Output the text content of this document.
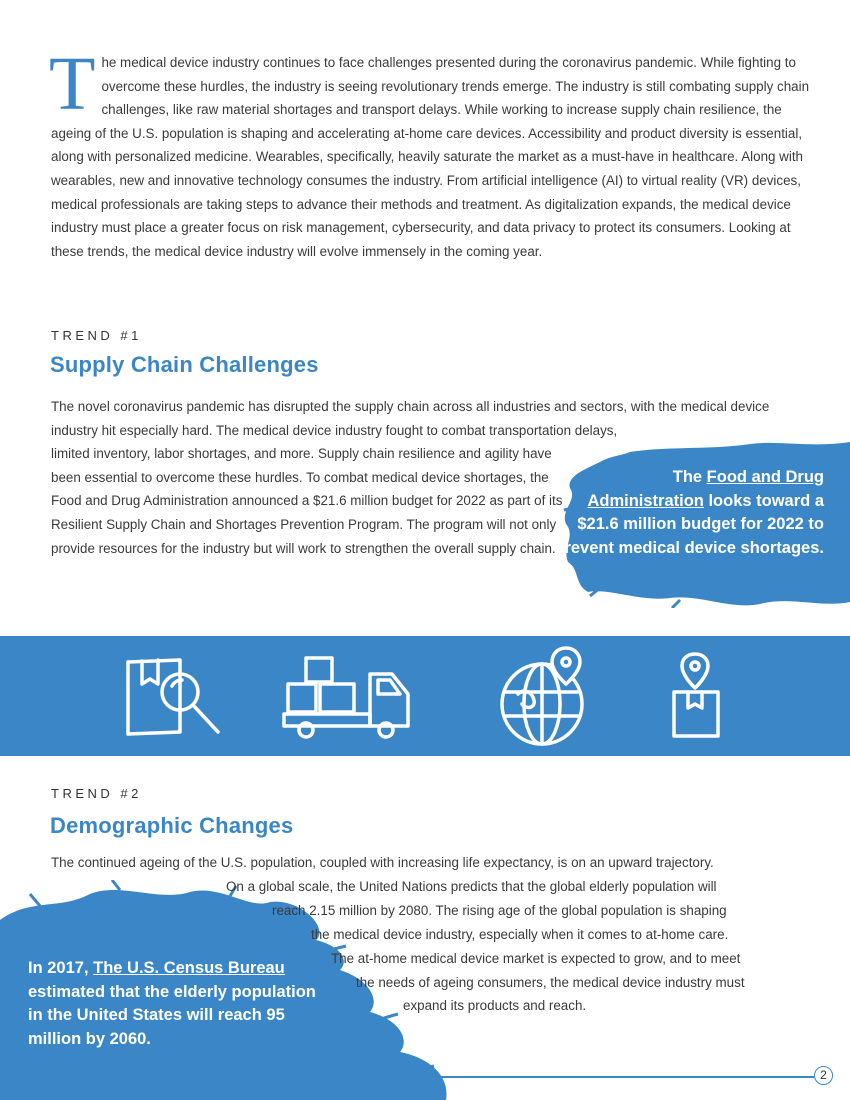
The medical device industry continues to face challenges presented during the coronavirus pandemic. While fighting to overcome these hurdles, the industry is seeing revolutionary trends emerge. The industry is still combating supply chain challenges, like raw material shortages and transport delays. While working to increase supply chain resilience, the ageing of the U.S. population is shaping and accelerating at-home care devices. Accessibility and product diversity is essential, along with personalized medicine. Wearables, specifically, heavily saturate the market as a must-have in healthcare. Along with wearables, new and innovative technology consumes the industry. From artificial intelligence (AI) to virtual reality (VR) devices, medical professionals are taking steps to advance their methods and treatment. As digitalization expands, the medical device industry must place a greater focus on risk management, cybersecurity, and data privacy to protect its consumers. Looking at these trends, the medical device industry will evolve immensely in the coming year.

TREND #1
Supply Chain Challenges

The novel coronavirus pandemic has disrupted the supply chain across all industries and sectors, with the medical device industry hit especially hard. The medical device industry fought to combat transportation delays,

limited inventory, labor shortages, and more. Supply chain resilience and agility have been essential to overcome these hurdles. To combat medical device shortages, the Food and Drug Administration announced a $21.6 million budget for 2022 as part of its Resilient Supply Chain and Shortages Prevention Program. The program will not only provide resources for the industry but will work to strengthen the overall supply chain.

The Food and Drug Administration looks toward a $21.6 million budget for 2022 to prevent medical device shortages.
TREND #2
Demographic Changes
The continued ageing of the U.S. population, coupled with increasing life expectancy, is on an upward trajectory.
On a global scale, the United Nations predicts that the global elderly population will
reach 2.15 million by 2080. The rising age of the global population is shaping
the medical device industry, especially when it comes to at-home care.
The at-home medical device market is expected to grow, and to meet
the needs of ageing consumers, the medical device industry must
expand its products and reach.
In 2017, The U.S. Census Bureau estimated that the elderly population in the United States will reach 95 million by 2060.
2
